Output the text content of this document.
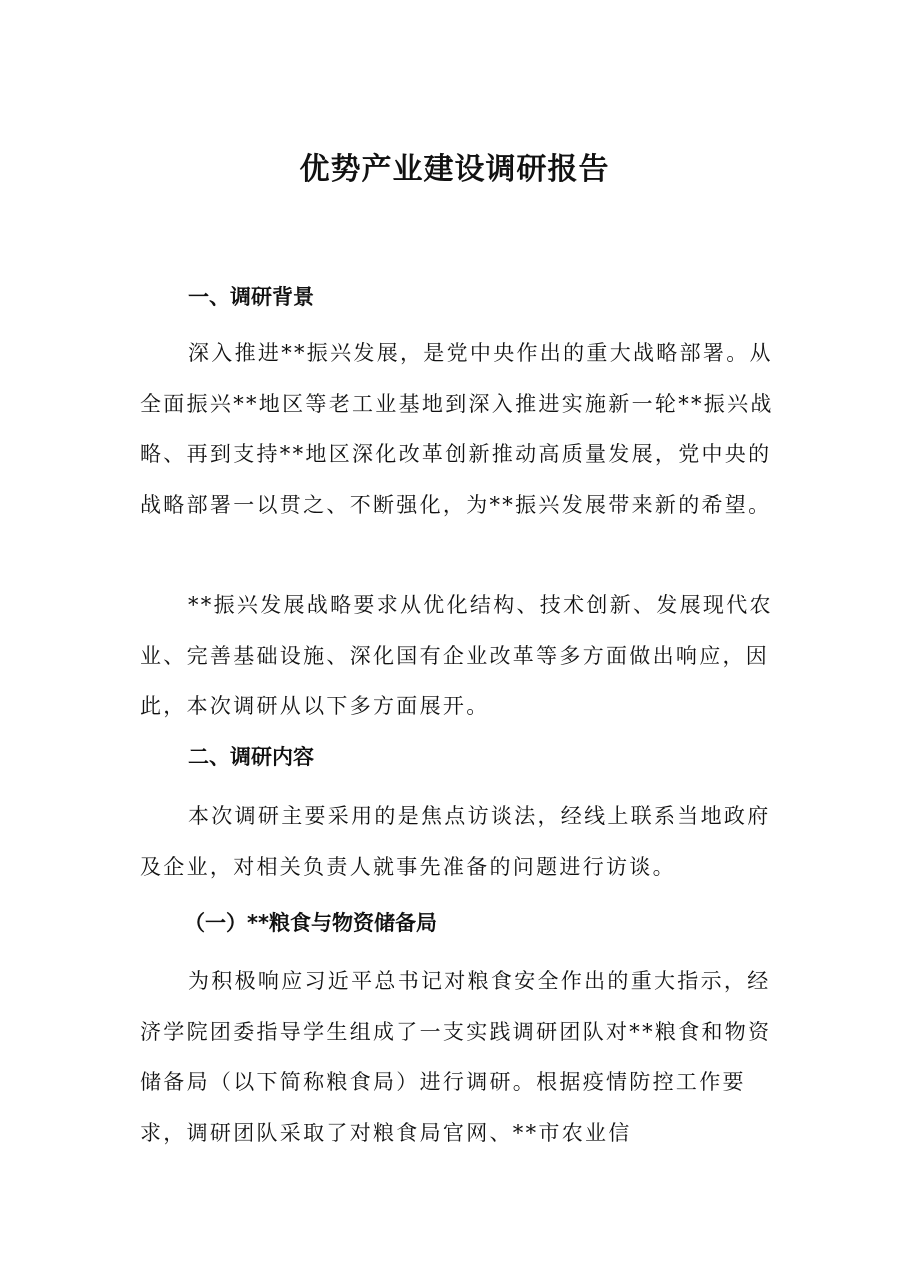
优势产业建设调研报告
一、调研背景

深入推进**振兴发展，是党中央作出的重大战略部署。从全面振兴**地区等老工业基地到深入推进实施新一轮**振兴战略、再到支持**地区深化改革创新推动高质量发展，党中央的战略部署一以贯之、不断强化，为**振兴发展带来新的希望。

**振兴发展战略要求从优化结构、技术创新、发展现代农业、完善基础设施、深化国有企业改革等多方面做出响应，因此，本次调研从以下多方面展开。

二、调研内容

本次调研主要采用的是焦点访谈法，经线上联系当地政府及企业，对相关负责人就事先准备的问题进行访谈。

（一）**粮食与物资储备局

为积极响应习近平总书记对粮食安全作出的重大指示，经济学院团委指导学生组成了一支实践调研团队对**粮食和物资储备局（以下简称粮食局）进行调研。根据疫情防控工作要求，调研团队采取了对粮食局官网、**市农业信
